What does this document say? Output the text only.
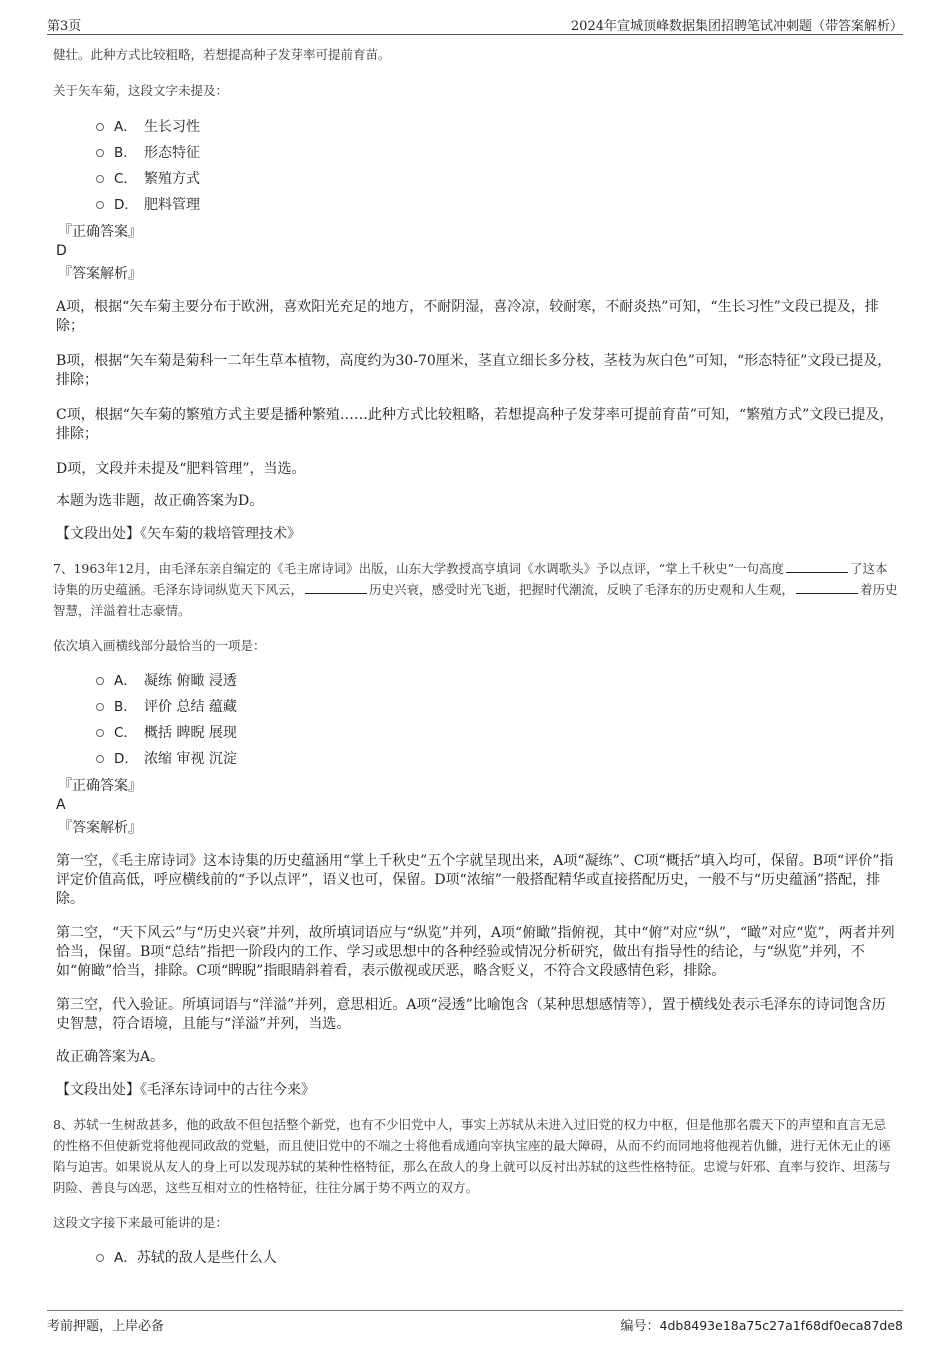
第3页	2024年宣城顶峰数据集团招聘笔试冲刺题（带答案解析）

健壮。此种方式比较粗略，若想提高种子发芽率可提前育苗。

关于矢车菊，这段文字未提及：

A． 生长习性
B． 形态特征
C． 繁殖方式
D． 肥料管理

『正确答案』

D

『答案解析』

A项，根据“矢车菊主要分布于欧洲，喜欢阳光充足的地方，不耐阴湿，喜冷凉，较耐寒，不耐炎热”可知，“生长习性”文段已提及，排除；

B项，根据“矢车菊是菊科一二年生草本植物，高度约为30-70厘米，茎直立细长多分枝，茎枝为灰白色”可知，“形态特征”文段已提及，排除；

C项，根据“矢车菊的繁殖方式主要是播种繁殖……此种方式比较粗略，若想提高种子发芽率可提前育苗”可知，“繁殖方式”文段已提及，排除；

D项，文段并未提及“肥料管理”，当选。

本题为选非题，故正确答案为D。

【文段出处】《矢车菊的栽培管理技术》

7、1963年12月，由毛泽东亲自编定的《毛主席诗词》出版，山东大学教授高亨填词《水调歌头》予以点评，“掌上千秋史”一句高度	了这本诗集的历史蕴涵。毛泽东诗词纵览天下风云，	历史兴衰，感受时光飞逝，把握时代潮流，反映了毛泽东的历史观和人生观，	着历史智慧，洋溢着壮志豪情。

依次填入画横线部分最恰当的一项是：

A． 凝练 俯瞰 浸透
B． 评价 总结 蕴藏
C． 概括 睥睨 展现
D． 浓缩 审视 沉淀

『正确答案』

A

『答案解析』

第一空，《毛主席诗词》这本诗集的历史蕴涵用“掌上千秋史”五个字就呈现出来，A项“凝练”、C项“概括”填入均可，保留。B项“评价”指评定价值高低，呼应横线前的“予以点评”，语义也可，保留。D项“浓缩”一般搭配精华或直接搭配历史，一般不与“历史蕴涵”搭配，排除。

第二空，“天下风云”与“历史兴衰”并列，故所填词语应与“纵览”并列，A项“俯瞰”指俯视，其中“俯”对应“纵”，“瞰”对应“览”，两者并列恰当，保留。B项“总结”指把一阶段内的工作、学习或思想中的各种经验或情况分析研究，做出有指导性的结论，与“纵览”并列，不如“俯瞰”恰当，排除。C项“睥睨”指眼睛斜着看，表示傲视或厌恶，略含贬义，不符合文段感情色彩，排除。

第三空，代入验证。所填词语与“洋溢”并列，意思相近。A项“浸透”比喻饱含（某种思想感情等），置于横线处表示毛泽东的诗词饱含历史智慧，符合语境，且能与“洋溢”并列，当选。

故正确答案为A。

【文段出处】《毛泽东诗词中的古往今来》

8、苏轼一生树敌甚多，他的政敌不但包括整个新党，也有不少旧党中人，事实上苏轼从未进入过旧党的权力中枢，但是他那名震天下的声望和直言无忌的性格不但使新党将他视同政敌的党魁，而且使旧党中的不端之士将他看成通向宰执宝座的最大障碍，从而不约而同地将他视若仇雠，进行无休无止的诬陷与迫害。如果说从友人的身上可以发现苏轼的某种性格特征，那么在敌人的身上就可以反衬出苏轼的这些性格特征。忠谠与奸邪、直率与狡诈、坦荡与阴险、善良与凶恶，这些互相对立的性格特征，往往分属于势不两立的双方。

这段文字接下来最可能讲的是：

A． 苏轼的敌人是些什么人
考前押题，上岸必备	编号：4db8493e18a75c27a1f68df0eca87de8
